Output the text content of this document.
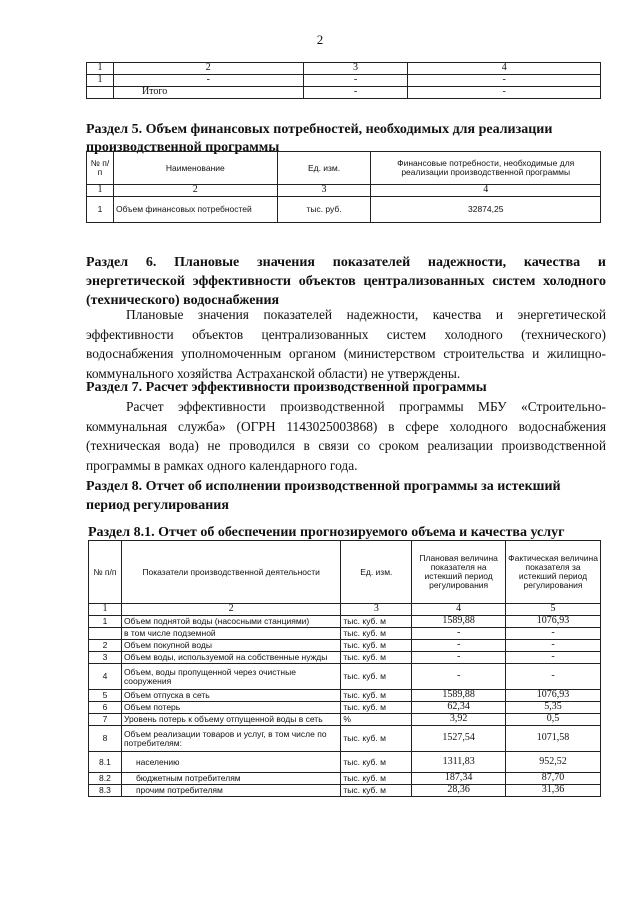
2
1	2	3	4
1	-	-	-
	Итого	-	-
Раздел 5. Объем финансовых потребностей, необходимых для реализации производственной программы
№ п/п	Наименование	Ед. изм.	Финансовые потребности, необходимые для реализации производственной программы
1	2	3	4
1	Объем финансовых потребностей	тыс. руб.	32874,25
Раздел 6. Плановые значения показателей надежности, качества и энергетической эффективности объектов централизованных систем холодного (технического) водоснабжения
Плановые значения показателей надежности, качества и энергетической эффективности объектов централизованных систем холодного (технического) водоснабжения уполномоченным органом (министерством строительства и жилищно-коммунального хозяйства Астраханской области) не утверждены.
Раздел 7. Расчет эффективности производственной программы
Расчет эффективности производственной программы МБУ «Строительно-коммунальная служба» (ОГРН 1143025003868) в сфере холодного водоснабжения (техническая вода) не проводился в связи со сроком реализации производственной программы в рамках одного календарного года.
Раздел 8. Отчет об исполнении производственной программы за истекший период регулирования
Раздел 8.1. Отчет об обеспечении прогнозируемого объема и качества услуг
№ п/п	Показатели производственной деятельности	Ед. изм.	Плановая величина показателя на истекший период регулирования	Фактическая величина показателя за истекший период регулирования
1	2	3	4	5
1	Объем поднятой воды (насосными станциями)	тыс. куб. м	1589,88	1076,93
	в том числе подземной	тыс. куб. м	-	-
2	Объем покупной воды	тыс. куб. м	-	-
3	Объем воды, используемой на собственные нужды	тыс. куб. м	-	-
4	Объем, воды пропущенной через очистные сооружения	тыс. куб. м	-	-
5	Объем отпуска в сеть	тыс. куб. м	1589,88	1076,93
6	Объем потерь	тыс. куб. м	62,34	5,35
7	Уровень потерь к объему отпущенной воды в сеть	%	3,92	0,5
8	Объем реализации товаров и услуг, в том числе по потребителям:	тыс. куб. м	1527,54	1071,58
8.1	населению	тыс. куб. м	1311,83	952,52
8.2	бюджетным потребителям	тыс. куб. м	187,34	87,70
8.3	прочим потребителям	тыс. куб. м	28,36	31,36
